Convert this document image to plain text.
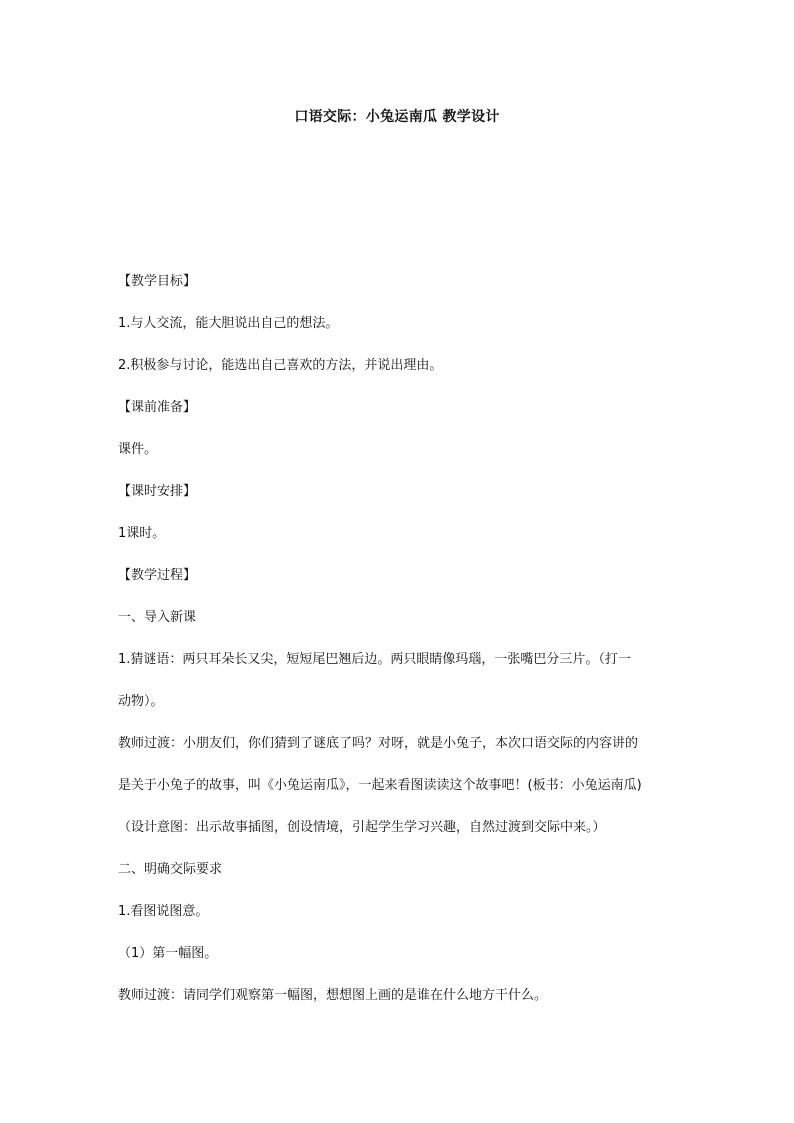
口语交际：小兔运南瓜 教学设计
【教学目标】
1.与人交流，能大胆说出自己的想法。
2.积极参与讨论，能选出自己喜欢的方法，并说出理由。
【课前准备】
课件。
【课时安排】
1课时。
【教学过程】
一、导入新课
1.猜谜语：两只耳朵长又尖，短短尾巴翘后边。两只眼睛像玛瑙，一张嘴巴分三片。（打一
动物）。
教师过渡：小朋友们，你们猜到了谜底了吗？对呀，就是小兔子，本次口语交际的内容讲的
是关于小兔子的故事，叫《小兔运南瓜》，一起来看图读读这个故事吧！(板书：小兔运南瓜)
（设计意图：出示故事插图，创设情境，引起学生学习兴趣，自然过渡到交际中来。）
二、明确交际要求
1.看图说图意。
（1）第一幅图。
教师过渡：请同学们观察第一幅图，想想图上画的是谁在什么地方干什么。
